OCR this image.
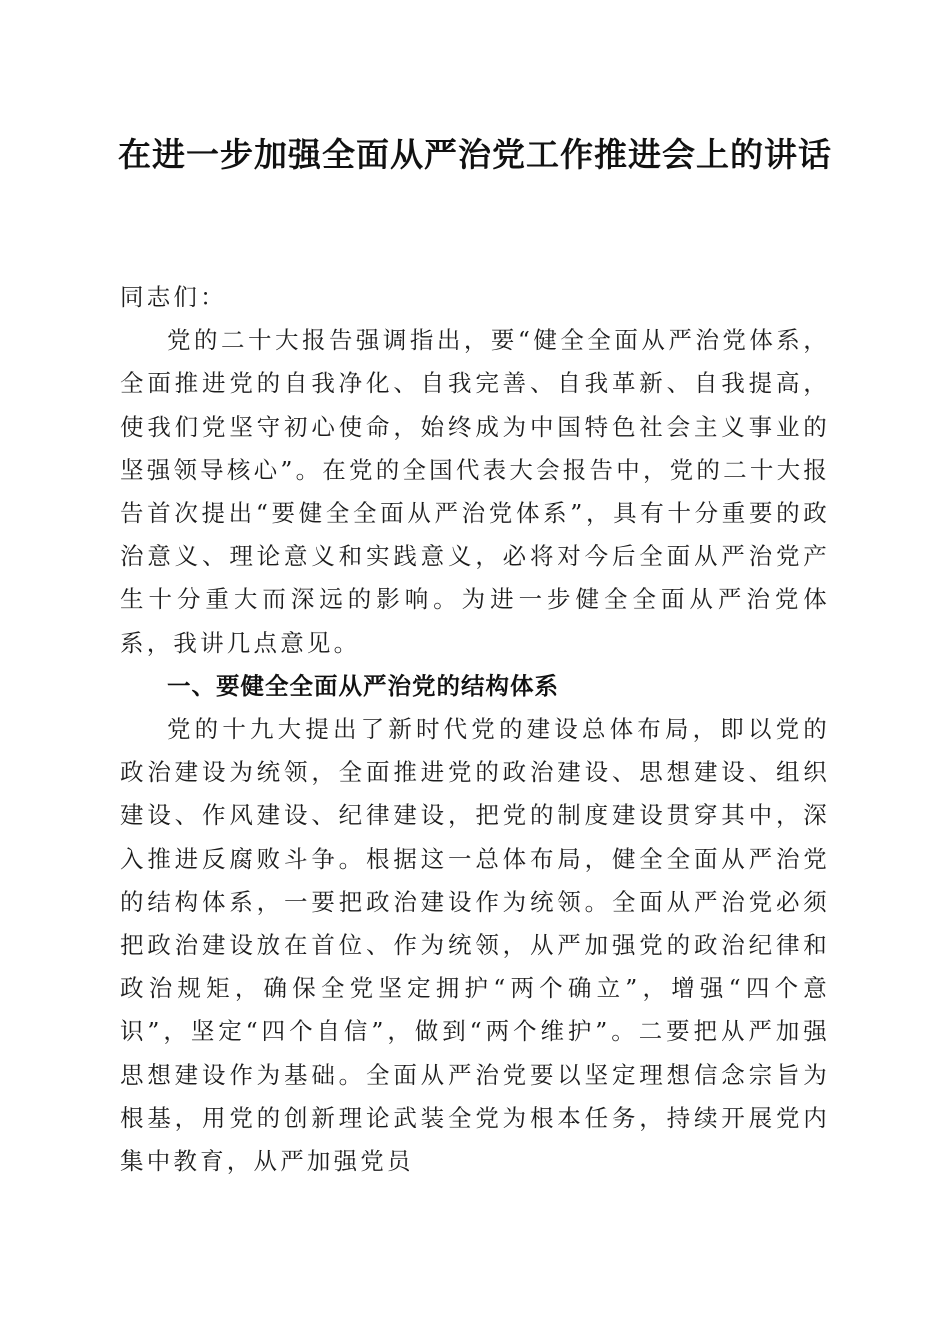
在进一步加强全面从严治党工作推进会上的讲话

同志们：

党的二十大报告强调指出，要“健全全面从严治党体系，全面推进党的自我净化、自我完善、自我革新、自我提高，使我们党坚守初心使命，始终成为中国特色社会主义事业的坚强领导核心”。在党的全国代表大会报告中，党的二十大报告首次提出“要健全全面从严治党体系”，具有十分重要的政治意义、理论意义和实践意义，必将对今后全面从严治党产生十分重大而深远的影响。为进一步健全全面从严治党体系，我讲几点意见。

一、要健全全面从严治党的结构体系

党的十九大提出了新时代党的建设总体布局，即以党的政治建设为统领，全面推进党的政治建设、思想建设、组织建设、作风建设、纪律建设，把党的制度建设贯穿其中，深入推进反腐败斗争。根据这一总体布局，健全全面从严治党的结构体系，一要把政治建设作为统领。全面从严治党必须把政治建设放在首位、作为统领，从严加强党的政治纪律和政治规矩，确保全党坚定拥护“两个确立”，增强“四个意识”，坚定“四个自信”，做到“两个维护”。二要把从严加强思想建设作为基础。全面从严治党要以坚定理想信念宗旨为根基，用党的创新理论武装全党为根本任务，持续开展党内集中教育，从严加强党员
